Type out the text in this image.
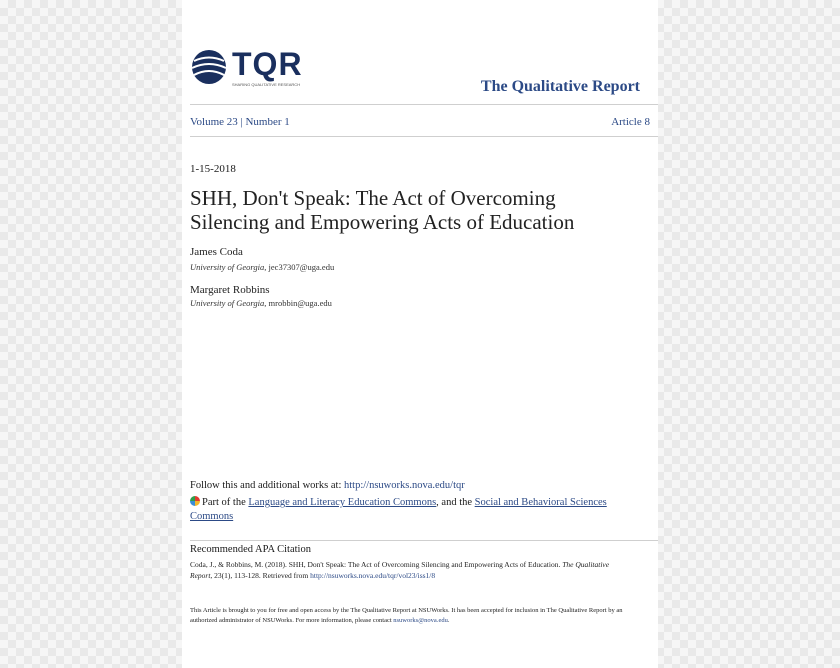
TQR
SHARING QUALITATIVE RESEARCH	The Qualitative Report
Volume 23 | Number 1	Article 8
1-15-2018
SHH, Don't Speak: The Act of Overcoming Silencing and Empowering Acts of Education
James Coda
University of Georgia, jec37307@uga.edu
Margaret Robbins
University of Georgia, mrobbin@uga.edu
Follow this and additional works at: http://nsuworks.nova.edu/tqr
Part of the Language and Literacy Education Commons, and the Social and Behavioral Sciences Commons
Recommended APA Citation
Coda, J., & Robbins, M. (2018). SHH, Don't Speak: The Act of Overcoming Silencing and Empowering Acts of Education. The Qualitative Report, 23(1), 113-128. Retrieved from http://nsuworks.nova.edu/tqr/vol23/iss1/8
This Article is brought to you for free and open access by the The Qualitative Report at NSUWorks. It has been accepted for inclusion in The Qualitative Report by an authorized administrator of NSUWorks. For more information, please contact nsuworks@nova.edu.
